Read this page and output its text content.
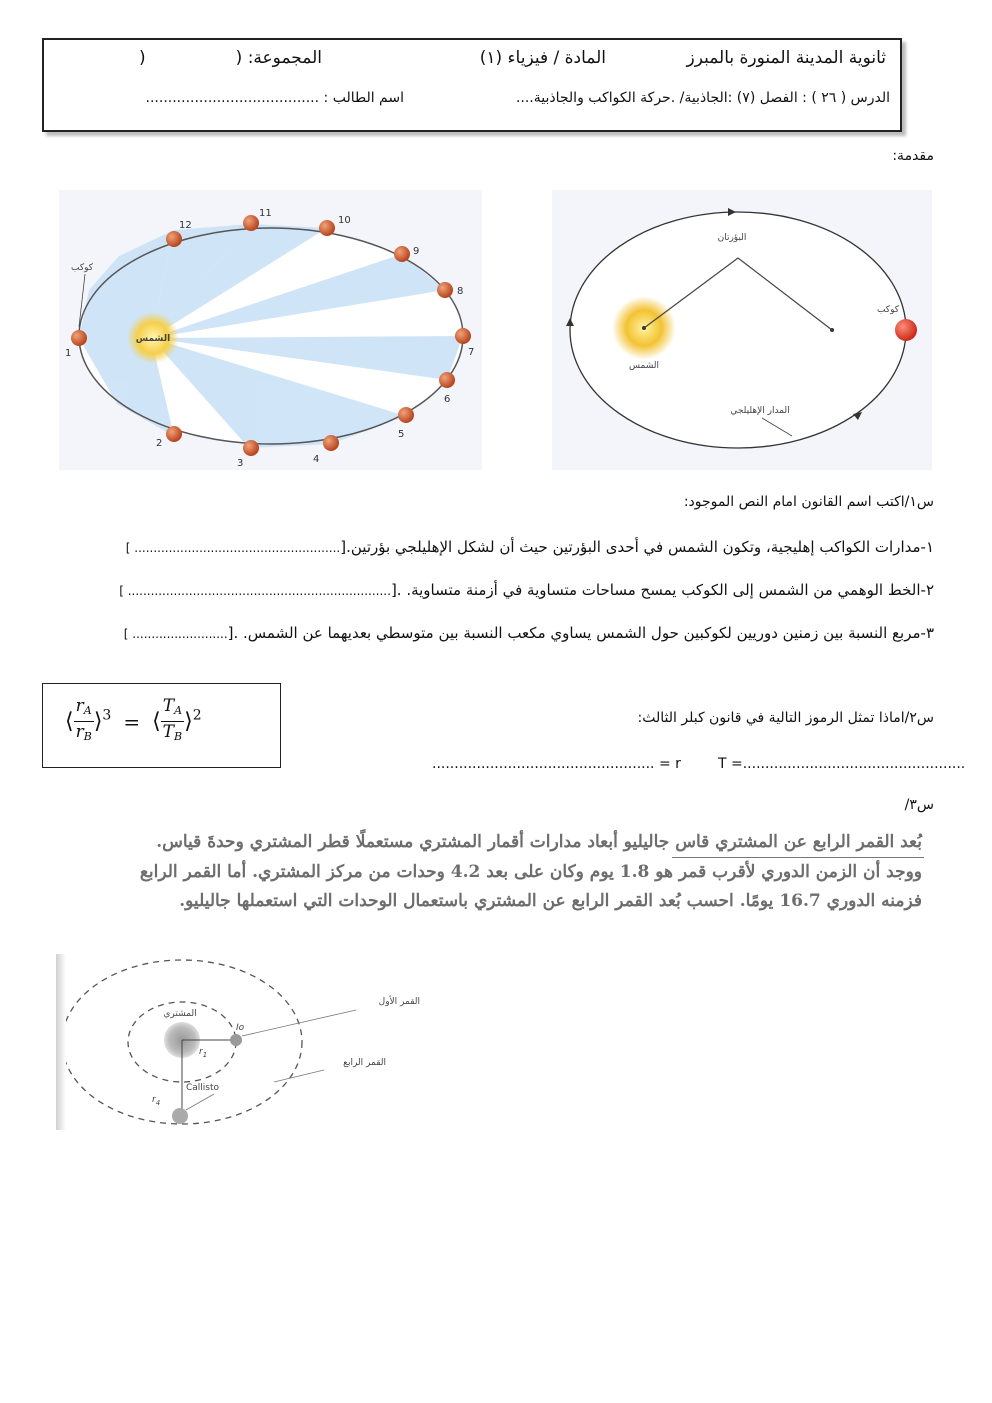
ثانوية المدينة المنورة بالمبرز
المادة / فيزياء (١)
المجموعة: (
)
الدرس ( ٢٦ ) : الفصل (٧) :الجاذبية/ .حركة الكواكب والجاذبية....
اسم الطالب : .......................................
مقدمة:
الشمس
كوكب
1
2
3	4
5
6
7
8
9
10
11
12
البؤرتان
الشمس
كوكب
المدار الإهليلجي
س١/اكتب اسم القانون امام النص الموجود:
١-مدارات الكواكب إهليجية، وتكون الشمس في أحدى البؤرتين حيث أن لشكل الإهليلجي بؤرتين.[...................................................... ]
٢-الخط الوهمي من الشمس إلى الكوكب يمسح مساحات متساوية في أزمنة متساوية. .[..................................................................... ]
٣-مربع النسبة بين زمنين دوريين لكوكبين حول الشمس يساوي مكعب النسبة بين متوسطي بعديهما عن الشمس. .[......................... ]
⟨ $\frac{r_A}{r_B}$ ⟩$^3$ = ⟨ $\frac{T_A}{T_B}$ ⟩$^2$	س٢/اماذا تمثل الرموز التالية في قانون كبلر الثالث:
T =..................................................
r = ..................................................
س٣/
بُعد القمر الرابع عن المشتري قاس جاليليو أبعاد مدارات أقمار المشتري مستعملًا قطر المشتري وحدةَ قياس.
ووجد أن الزمن الدوري لأقرب قمر هو 1.8 يوم وكان على بعد 4.2 وحدات من مركز المشتري. أما القمر الرابع
فزمنه الدوري 16.7 يومًا. احسب بُعد القمر الرابع عن المشتري باستعمال الوحدات التي استعملها جاليليو.
المشتري
Io
$r_1$
Callisto
$r_4$
القمر الأول
القمر الرابع
